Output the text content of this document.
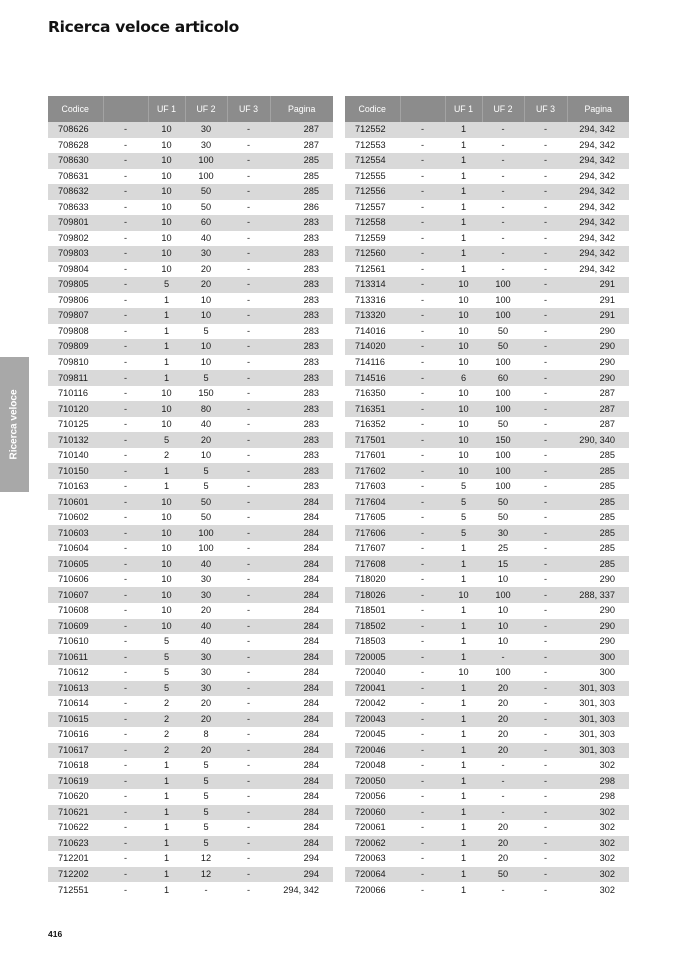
Ricerca veloce articolo
Ricerca veloce
Codice		UF 1	UF 2	UF 3	Pagina
708626	-	10	30	-	287
708628	-	10	30	-	287
708630	-	10	100	-	285
708631	-	10	100	-	285
708632	-	10	50	-	285
708633	-	10	50	-	286
709801	-	10	60	-	283
709802	-	10	40	-	283
709803	-	10	30	-	283
709804	-	10	20	-	283
709805	-	5	20	-	283
709806	-	1	10	-	283
709807	-	1	10	-	283
709808	-	1	5	-	283
709809	-	1	10	-	283
709810	-	1	10	-	283
709811	-	1	5	-	283
710116	-	10	150	-	283
710120	-	10	80	-	283
710125	-	10	40	-	283
710132	-	5	20	-	283
710140	-	2	10	-	283
710150	-	1	5	-	283
710163	-	1	5	-	283
710601	-	10	50	-	284
710602	-	10	50	-	284
710603	-	10	100	-	284
710604	-	10	100	-	284
710605	-	10	40	-	284
710606	-	10	30	-	284
710607	-	10	30	-	284
710608	-	10	20	-	284
710609	-	10	40	-	284
710610	-	5	40	-	284
710611	-	5	30	-	284
710612	-	5	30	-	284
710613	-	5	30	-	284
710614	-	2	20	-	284
710615	-	2	20	-	284
710616	-	2	8	-	284
710617	-	2	20	-	284
710618	-	1	5	-	284
710619	-	1	5	-	284
710620	-	1	5	-	284
710621	-	1	5	-	284
710622	-	1	5	-	284
710623	-	1	5	-	284
712201	-	1	12	-	294
712202	-	1	12	-	294
712551	-	1	-	-	294, 342
Codice		UF 1	UF 2	UF 3	Pagina
712552	-	1	-	-	294, 342
712553	-	1	-	-	294, 342
712554	-	1	-	-	294, 342
712555	-	1	-	-	294, 342
712556	-	1	-	-	294, 342
712557	-	1	-	-	294, 342
712558	-	1	-	-	294, 342
712559	-	1	-	-	294, 342
712560	-	1	-	-	294, 342
712561	-	1	-	-	294, 342
713314	-	10	100	-	291
713316	-	10	100	-	291
713320	-	10	100	-	291
714016	-	10	50	-	290
714020	-	10	50	-	290
714116	-	10	100	-	290
714516	-	6	60	-	290
716350	-	10	100	-	287
716351	-	10	100	-	287
716352	-	10	50	-	287
717501	-	10	150	-	290, 340
717601	-	10	100	-	285
717602	-	10	100	-	285
717603	-	5	100	-	285
717604	-	5	50	-	285
717605	-	5	50	-	285
717606	-	5	30	-	285
717607	-	1	25	-	285
717608	-	1	15	-	285
718020	-	1	10	-	290
718026	-	10	100	-	288, 337
718501	-	1	10	-	290
718502	-	1	10	-	290
718503	-	1	10	-	290
720005	-	1	-	-	300
720040	-	10	100	-	300
720041	-	1	20	-	301, 303
720042	-	1	20	-	301, 303
720043	-	1	20	-	301, 303
720045	-	1	20	-	301, 303
720046	-	1	20	-	301, 303
720048	-	1	-	-	302
720050	-	1	-	-	298
720056	-	1	-	-	298
720060	-	1	-	-	302
720061	-	1	20	-	302
720062	-	1	20	-	302
720063	-	1	20	-	302
720064	-	1	50	-	302
720066	-	1	-	-	302
416
